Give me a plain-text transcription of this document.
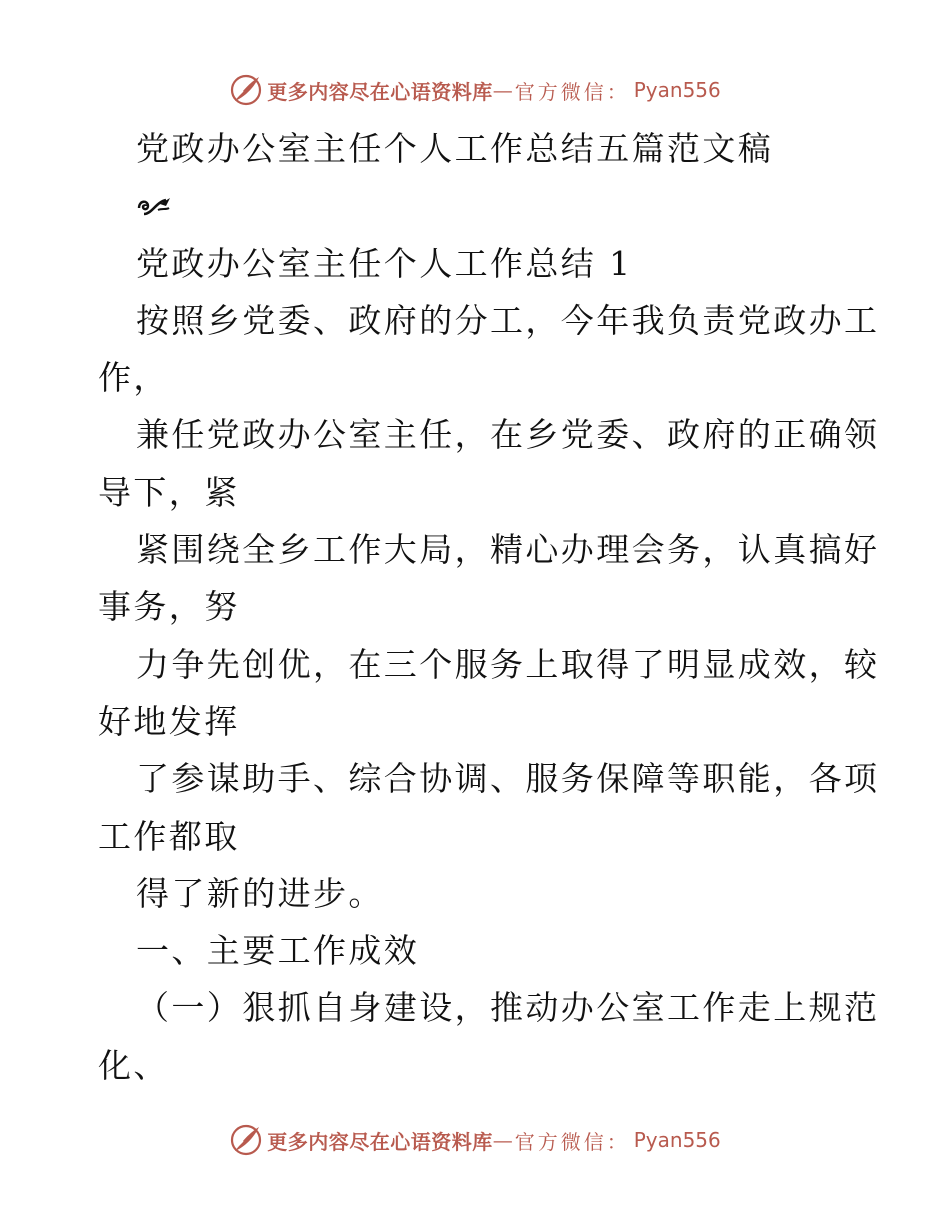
更多内容尽在心语资料库 — 官方微信： Pyan556
党政办公室主任个人工作总结五篇范文稿
党政办公室主任个人工作总结 1
按照乡党委、政府的分工，今年我负责党政办工
作，
兼任党政办公室主任，在乡党委、政府的正确领
导下，紧
紧围绕全乡工作大局，精心办理会务，认真搞好
事务，努
力争先创优，在三个服务上取得了明显成效，较
好地发挥
了参谋助手、综合协调、服务保障等职能，各项
工作都取
得了新的进步。
一、主要工作成效
（一）狠抓自身建设，推动办公室工作走上规范
化、
更多内容尽在心语资料库 — 官方微信： Pyan556
